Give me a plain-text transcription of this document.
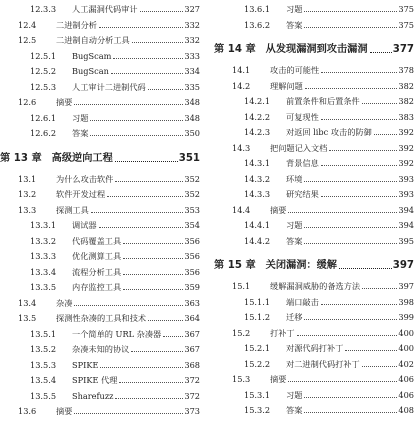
12.3.3	人工漏洞代码审计	327
12.4	二进制分析	332
12.5	二进制自动分析工具	332
12.5.1	BugScam	333
12.5.2	BugScan	334
12.5.3	人工审计二进制代码	335
12.6	摘要	348
12.6.1	习题	348
12.6.2	答案	350
第 13 章 高级逆向工程	351
13.1	为什么攻击软件	352
13.2	软件开发过程	352
13.3	探测工具	353
13.3.1	调试器	354
13.3.2	代码覆盖工具	356
13.3.3	优化测算工具	356
13.3.4	流程分析工具	356
13.3.5	内存监控工具	359
13.4	杂凑	363
13.5	探测性杂凑的工具和技术	364
13.5.1	一个简单的 URL 杂凑器	367
13.5.2	杂凑未知的协议	367
13.5.3	SPIKE	368
13.5.4	SPIKE 代理	372
13.5.5	Sharefuzz	372
13.6	摘要	373
13.6.1	习题	375
13.6.2	答案	375
第 14 章 从发现漏洞到攻击漏洞 377
14.1	攻击的可能性	378
14.2	理解问题	382
14.2.1	前置条件和后置条件	382
14.2.2	可复现性	383
14.2.3	对返回 libc 攻击的防御	392
14.3	把问题记入文档	392
14.3.1	背景信息	392
14.3.2	环境	393
14.3.3	研究结果	393
14.4	摘要	394
14.4.1	习题	394
14.4.2	答案	395
第 15 章 关闭漏洞：缓解	397
15.1	缓解漏洞威胁的备选方法	397
15.1.1	端口敲击	398
15.1.2	迁移	399
15.2	打补丁	400
15.2.1	对源代码打补丁	400
15.2.2	对二进制代码打补丁	402
15.3	摘要	406
15.3.1	习题	406
15.3.2	答案	408
